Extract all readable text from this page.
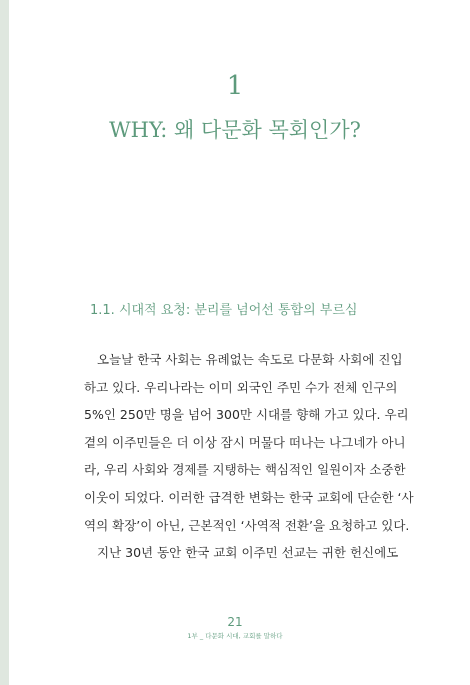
1
WHY: 왜 다문화 목회인가?
1.1. 시대적 요청: 분리를 넘어선 통합의 부르심
오늘날 한국 사회는 유례없는 속도로 다문화 사회에 진입
하고 있다. 우리나라는 이미 외국인 주민 수가 전체 인구의
5%인 250만 명을 넘어 300만 시대를 향해 가고 있다. 우리
곁의 이주민들은 더 이상 잠시 머물다 떠나는 나그네가 아니
라, 우리 사회와 경제를 지탱하는 핵심적인 일원이자 소중한
이웃이 되었다. 이러한 급격한 변화는 한국 교회에 단순한 ‘사
역의 확장’이 아닌, 근본적인 ‘사역적 전환’을 요청하고 있다.
지난 30년 동안 한국 교회 이주민 선교는 귀한 헌신에도
21
1부 _ 다문화 시대, 교회를 말하다
